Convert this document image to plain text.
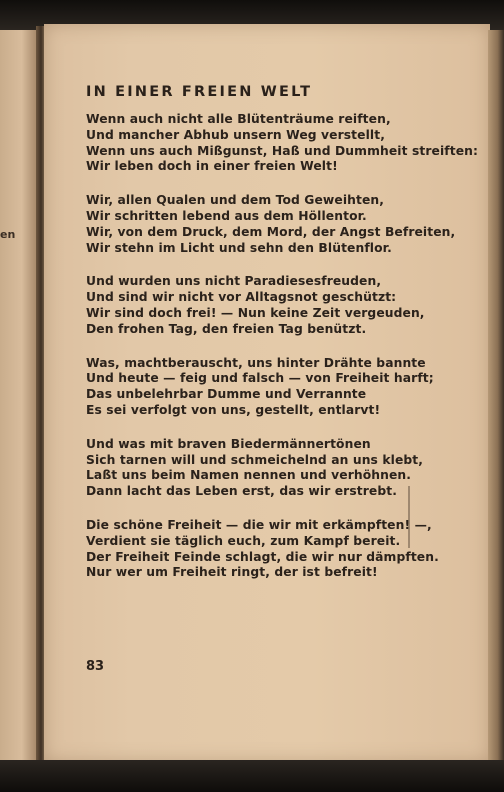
en
IN EINER FREIEN WELT
Wenn auch nicht alle Blütenträume reiften,
Und mancher Abhub unsern Weg verstellt,
Wenn uns auch Mißgunst, Haß und Dummheit streiften:
Wir leben doch in einer freien Welt!
Wir, allen Qualen und dem Tod Geweihten,
Wir schritten lebend aus dem Höllentor.
Wir, von dem Druck, dem Mord, der Angst Befreiten,
Wir stehn im Licht und sehn den Blütenflor.
Und wurden uns nicht Paradiesesfreuden,
Und sind wir nicht vor Alltagsnot geschützt:
Wir sind doch frei! — Nun keine Zeit vergeuden,
Den frohen Tag, den freien Tag benützt.
Was, machtberauscht, uns hinter Drähte bannte
Und heute — feig und falsch — von Freiheit harft;
Das unbelehrbar Dumme und Verrannte
Es sei verfolgt von uns, gestellt, entlarvt!
Und was mit braven Biedermännertönen
Sich tarnen will und schmeichelnd an uns klebt,
Laßt uns beim Namen nennen und verhöhnen.
Dann lacht das Leben erst, das wir erstrebt.
Die schöne Freiheit — die wir mit erkämpften! —,
Verdient sie täglich euch, zum Kampf bereit.
Der Freiheit Feinde schlagt, die wir nur dämpften.
Nur wer um Freiheit ringt, der ist befreit!
83
